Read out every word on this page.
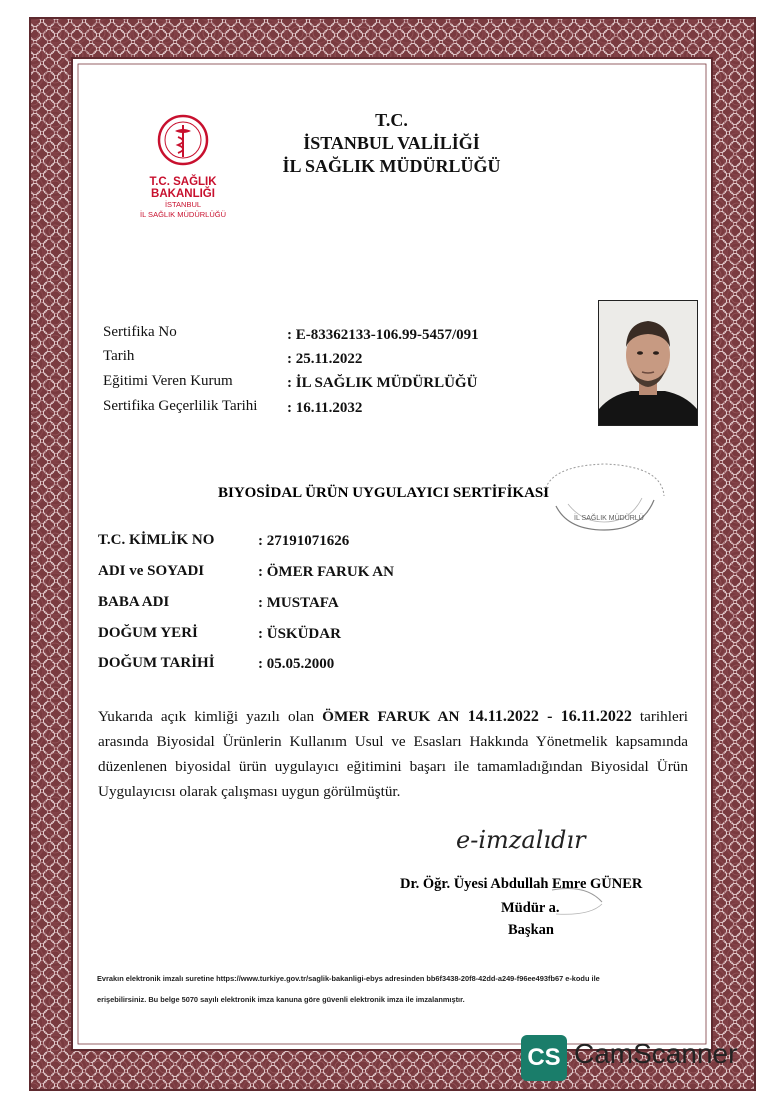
T.C.
İSTANBUL VALİLİĞİ
İL SAĞLIK MÜDÜRLÜĞÜ
T.C. SAĞLIK BAKANLIĞI
İSTANBUL
İL SAĞLIK MÜDÜRLÜĞÜ
Sertifika No	: E-83362133-106.99-5457/091
Tarih	: 25.11.2022
Eğitimi Veren Kurum	: İL SAĞLIK MÜDÜRLÜĞÜ
Sertifika Geçerlilik Tarihi : 16.11.2032
İL SAĞLIK MÜDÜRLÜ
BIYOSİDAL ÜRÜN UYGULAYICI SERTİFİKASI
T.C. KİMLİK NO	: 27191071626
ADI ve SOYADI	: ÖMER FARUK AN
BABA ADI	: MUSTAFA
DOĞUM YERİ	: ÜSKÜDAR
DOĞUM TARİHİ	: 05.05.2000
Yukarıda açık kimliği yazılı olan ÖMER FARUK AN 14.11.2022 - 16.11.2022 tarihleri arasında Biyosidal Ürünlerin Kullanım Usul ve Esasları Hakkında Yönetmelik kapsamında düzenlenen biyosidal ürün uygulayıcı eğitimini başarı ile tamamladığından Biyosidal Ürün Uygulayıcısı olarak çalışması uygun görülmüştür.
e-imzalıdır
Dr. Öğr. Üyesi Abdullah Emre GÜNER
Müdür a.
Başkan
Evrakın elektronik imzalı suretine https://www.turkiye.gov.tr/saglik-bakanligi-ebys adresinden bb6f3438-20f8-42dd-a249-f96ee493fb67 e-kodu ile
erişebilirsiniz. Bu belge 5070 sayılı elektronik imza kanuna göre güvenli elektronik imza ile imzalanmıştır.
CS CamScanner
